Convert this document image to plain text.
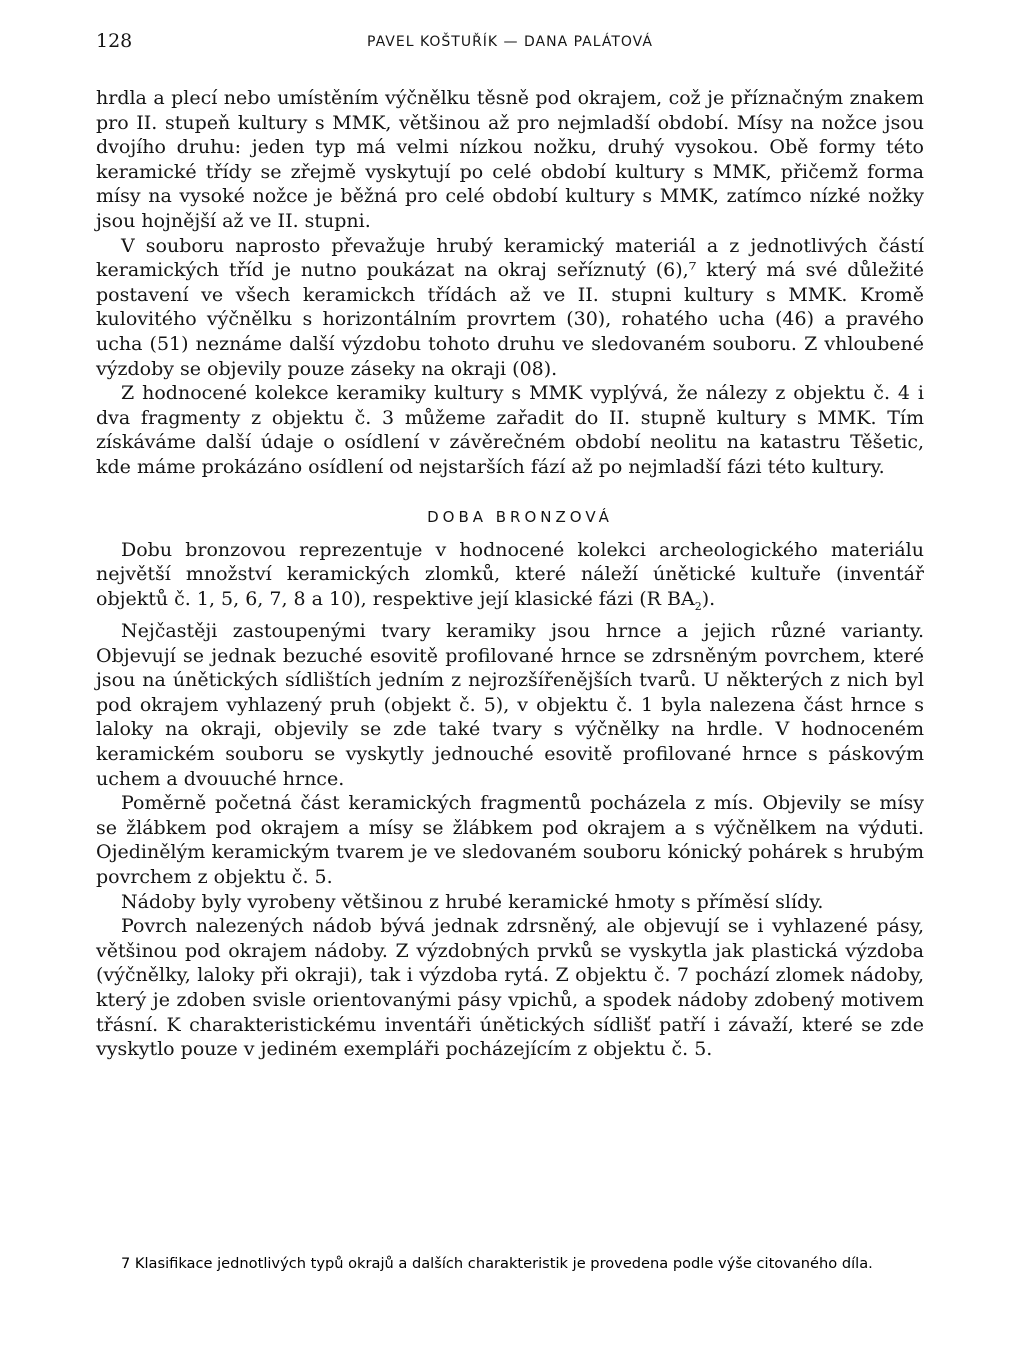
128	PAVEL KOŠTUŘÍK — DANA PALÁTOVÁ

hrdla a plecí nebo umístěním výčnělku těsně pod okrajem, což je příznačným znakem pro II. stupeň kultury s MMK, většinou až pro nejmladší období. Mísy na nožce jsou dvojího druhu: jeden typ má velmi nízkou nožku, druhý vysokou. Obě formy této keramické třídy se zřejmě vyskytují po celé období kultury s MMK, přičemž forma mísy na vysoké nožce je běžná pro celé období kultury s MMK, zatímco nízké nožky jsou hojnější až ve II. stupni.

V souboru naprosto převažuje hrubý keramický materiál a z jednotlivých částí keramických tříd je nutno poukázat na okraj seříznutý (6),⁷ který má své důležité postavení ve všech keramickch třídách až ve II. stupni kultury s MMK. Kromě kulovitého výčnělku s horizontálním provrtem (30), rohatého ucha (46) a pravého ucha (51) neznáme další výzdobu tohoto druhu ve sledovaném souboru. Z vhloubené výzdoby se objevily pouze záseky na okraji (08).

Z hodnocené kolekce keramiky kultury s MMK vyplývá, že nálezy z objektu č. 4 i dva fragmenty z objektu č. 3 můžeme zařadit do II. stupně kultury s MMK. Tím získáváme další údaje o osídlení v závěrečném období neolitu na katastru Těšetic, kde máme prokázáno osídlení od nejstarších fází až po nejmladší fázi této kultury.

DOBA BRONZOVÁ

Dobu bronzovou reprezentuje v hodnocené kolekci archeologického materiálu největší množství keramických zlomků, které náleží únětické kultuře (inventář objektů č. 1, 5, 6, 7, 8 a 10), respektive její klasické fázi (R $BA_2$).

Nejčastěji zastoupenými tvary keramiky jsou hrnce a jejich různé varianty. Objevují se jednak bezuché esovitě profilované hrnce se zdrsněným povrchem, které jsou na únětických sídlištích jedním z nejrozšířenějších tvarů. U některých z nich byl pod okrajem vyhlazený pruh (objekt č. 5), v objektu č. 1 byla nalezena část hrnce s laloky na okraji, objevily se zde také tvary s výčnělky na hrdle. V hodnoceném keramickém souboru se vyskytly jednouché esovitě profilované hrnce s páskovým uchem a dvouuché hrnce.

Poměrně početná část keramických fragmentů pocházela z mís. Objevily se mísy se žlábkem pod okrajem a mísy se žlábkem pod okrajem a s výčnělkem na výduti. Ojedinělým keramickým tvarem je ve sledovaném souboru kónický pohárek s hrubým povrchem z objektu č. 5.

Nádoby byly vyrobeny většinou z hrubé keramické hmoty s příměsí slídy.

Povrch nalezených nádob bývá jednak zdrsněný, ale objevují se i vyhlazené pásy, většinou pod okrajem nádoby. Z výzdobných prvků se vyskytla jak plastická výzdoba (výčnělky, laloky při okraji), tak i výzdoba rytá. Z objektu č. 7 pochází zlomek nádoby, který je zdoben svisle orientovanými pásy vpichů, a spodek nádoby zdobený motivem třásní. K charakteristickému inventáři únětických sídlišť patří i závaží, které se zde vyskytlo pouze v jediném exempláři pocházejícím z objektu č. 5.

7 Klasifikace jednotlivých typů okrajů a dalších charakteristik je provedena podle výše citovaného díla.
